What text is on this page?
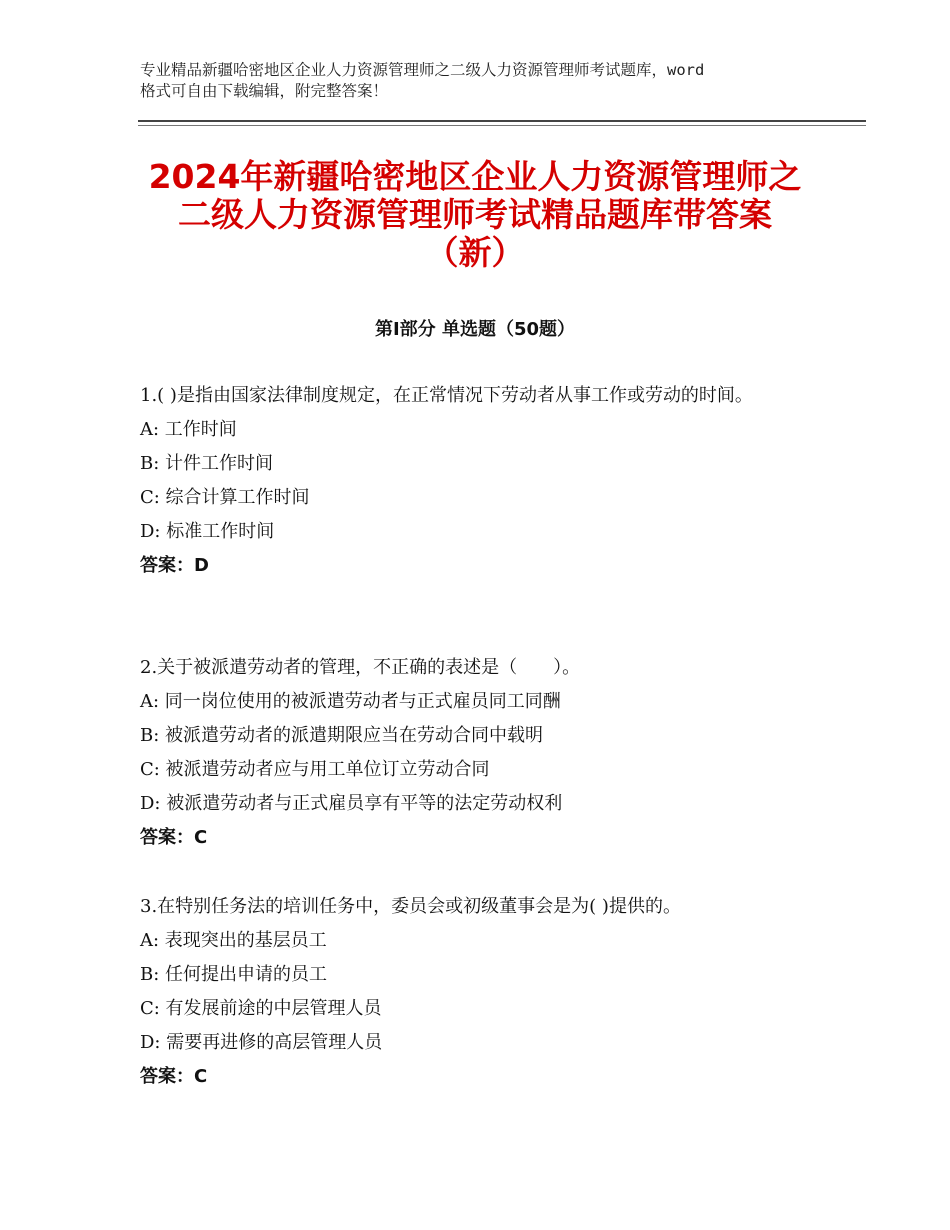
专业精品新疆哈密地区企业人力资源管理师之二级人力资源管理师考试题库，word
格式可自由下载编辑，附完整答案！
2024年新疆哈密地区企业人力资源管理师之
二级人力资源管理师考试精品题库带答案
（新）
第Ⅰ部分 单选题（50题）

1.( )是指由国家法律制度规定，在正常情况下劳动者从事工作或劳动的时间。

A: 工作时间

B: 计件工作时间

C: 综合计算工作时间

D: 标准工作时间

答案：D

2.关于被派遣劳动者的管理，不正确的表述是（　　）。

A: 同一岗位使用的被派遣劳动者与正式雇员同工同酬

B: 被派遣劳动者的派遣期限应当在劳动合同中载明

C: 被派遣劳动者应与用工单位订立劳动合同

D: 被派遣劳动者与正式雇员享有平等的法定劳动权利

答案：C

3.在特别任务法的培训任务中，委员会或初级董事会是为( )提供的。

A: 表现突出的基层员工

B: 任何提出申请的员工

C: 有发展前途的中层管理人员

D: 需要再进修的高层管理人员

答案：C
